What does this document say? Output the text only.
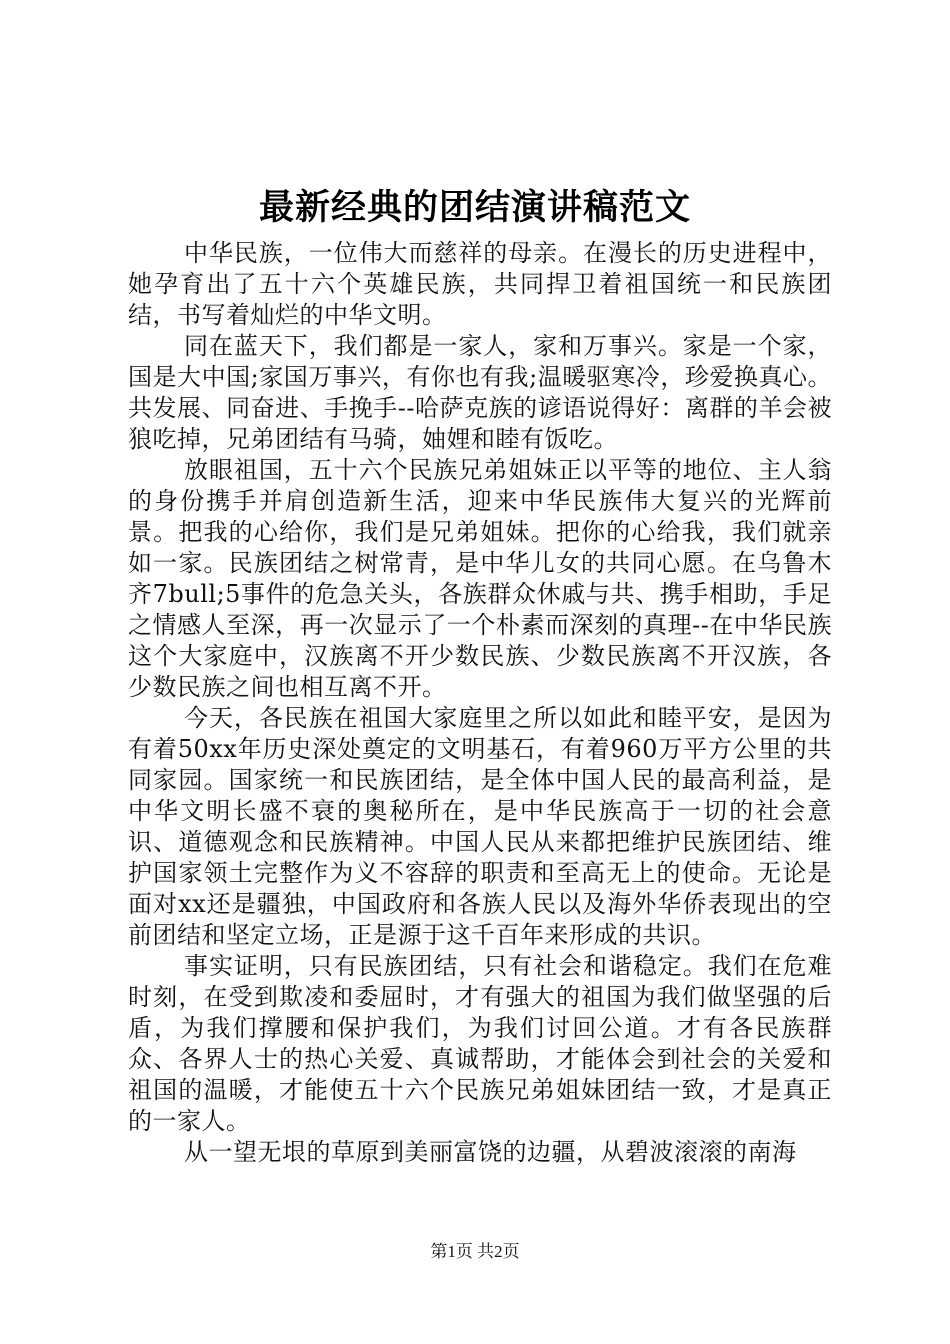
最新经典的团结演讲稿范文

中华民族，一位伟大而慈祥的母亲。在漫长的历史进程中，她孕育出了五十六个英雄民族，共同捍卫着祖国统一和民族团结，书写着灿烂的中华文明。

同在蓝天下，我们都是一家人，家和万事兴。家是一个家，国是大中国;家国万事兴，有你也有我;温暖驱寒冷，珍爱换真心。共发展、同奋进、手挽手--哈萨克族的谚语说得好：离群的羊会被狼吃掉，兄弟团结有马骑，妯娌和睦有饭吃。

放眼祖国，五十六个民族兄弟姐妹正以平等的地位、主人翁的身份携手并肩创造新生活，迎来中华民族伟大复兴的光辉前景。把我的心给你，我们是兄弟姐妹。把你的心给我，我们就亲如一家。民族团结之树常青，是中华儿女的共同心愿。在乌鲁木齐7bull;5事件的危急关头，各族群众休戚与共、携手相助，手足之情感人至深，再一次显示了一个朴素而深刻的真理--在中华民族这个大家庭中，汉族离不开少数民族、少数民族离不开汉族，各少数民族之间也相互离不开。

今天，各民族在祖国大家庭里之所以如此和睦平安，是因为有着50xx年历史深处奠定的文明基石，有着960万平方公里的共同家园。国家统一和民族团结，是全体中国人民的最高利益，是中华文明长盛不衰的奥秘所在，是中华民族高于一切的社会意识、道德观念和民族精神。中国人民从来都把维护民族团结、维护国家领土完整作为义不容辞的职责和至高无上的使命。无论是面对xx还是疆独，中国政府和各族人民以及海外华侨表现出的空前团结和坚定立场，正是源于这千百年来形成的共识。

事实证明，只有民族团结，只有社会和谐稳定。我们在危难时刻，在受到欺凌和委屈时，才有强大的祖国为我们做坚强的后盾，为我们撑腰和保护我们，为我们讨回公道。才有各民族群众、各界人士的热心关爱、真诚帮助，才能体会到社会的关爱和祖国的温暖，才能使五十六个民族兄弟姐妹团结一致，才是真正的一家人。

从一望无垠的草原到美丽富饶的边疆，从碧波滚滚的南海

第1页 共2页
